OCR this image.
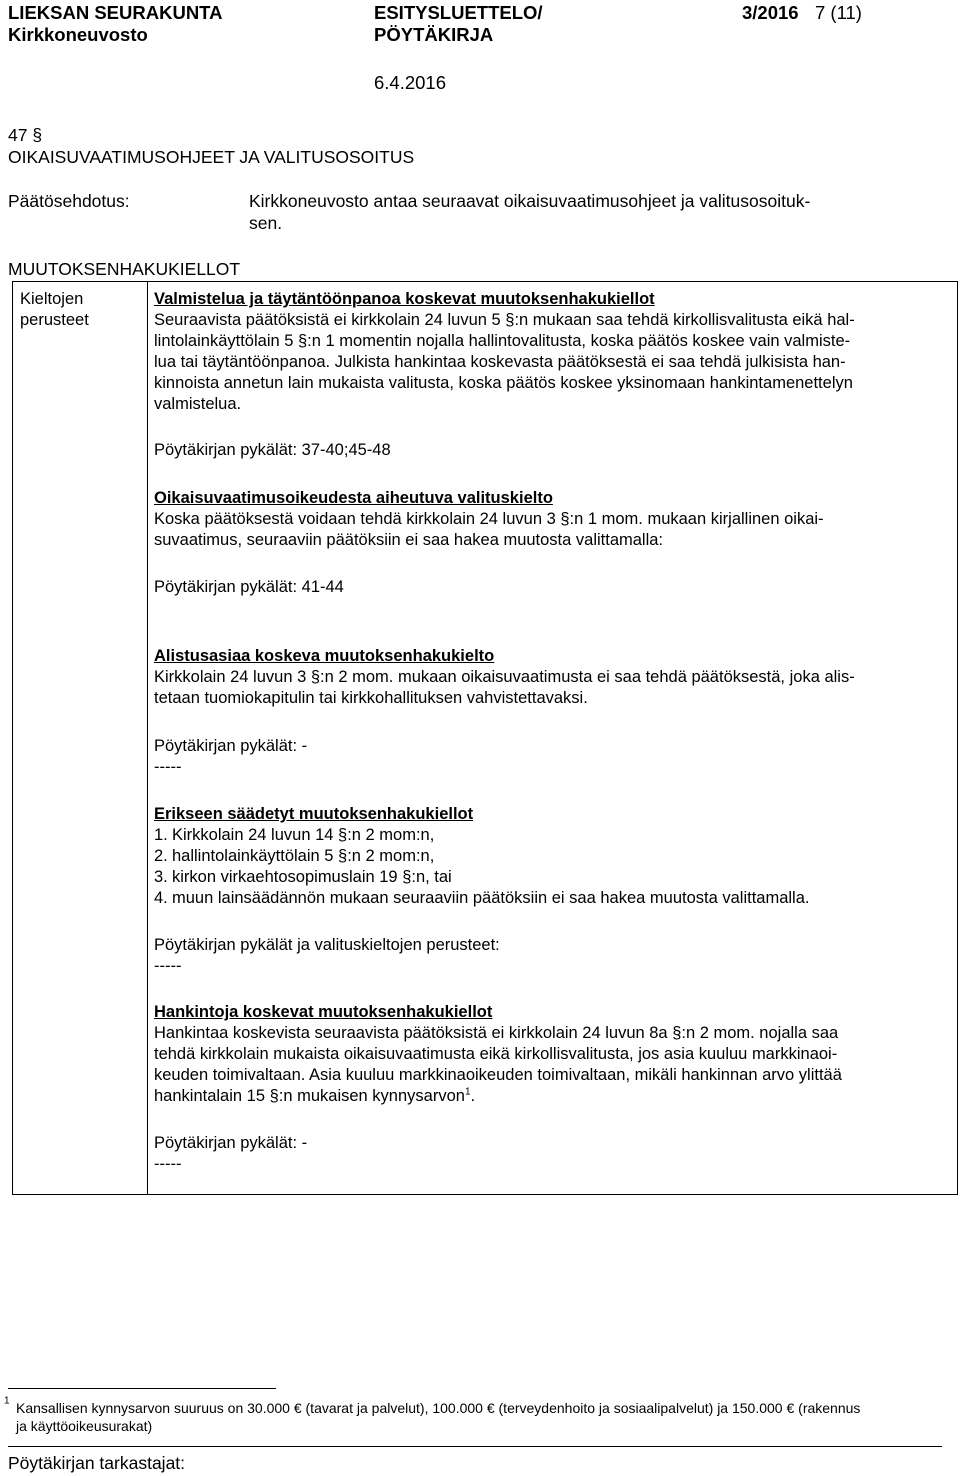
LIEKSAN SEURAKUNTA	ESITYSLUETTELO/	3/2016 7 (11)
Kirkkoneuvosto	PÖYTÄKIRJA
6.4.2016
47 §
OIKAISUVAATIMUSOHJEET JA VALITUSOSOITUS
Päätösehdotus:	Kirkkoneuvosto antaa seuraavat oikaisuvaatimusohjeet ja valitusosoituk-
sen.
MUUTOKSENHAKUKIELLOT
Kieltojen
perusteet

Valmistelua ja täytäntöönpanoa koskevat muutoksenhakukiellot

Seuraavista päätöksistä ei kirkkolain 24 luvun 5 §:n mukaan saa tehdä kirkollisvalitusta eikä hal-

lintolainkäyttölain 5 §:n 1 momentin nojalla hallintovalitusta, koska päätös koskee vain valmiste-

lua tai täytäntöönpanoa. Julkista hankintaa koskevasta päätöksestä ei saa tehdä julkisista han-

kinnoista annetun lain mukaista valitusta, koska päätös koskee yksinomaan hankintamenettelyn

valmistelua.

Pöytäkirjan pykälät: 37-40;45-48

Oikaisuvaatimusoikeudesta aiheutuva valituskielto

Koska päätöksestä voidaan tehdä kirkkolain 24 luvun 3 §:n 1 mom. mukaan kirjallinen oikai-

suvaatimus, seuraaviin päätöksiin ei saa hakea muutosta valittamalla:

Pöytäkirjan pykälät: 41-44

Alistusasiaa koskeva muutoksenhakukielto

Kirkkolain 24 luvun 3 §:n 2 mom. mukaan oikaisuvaatimusta ei saa tehdä päätöksestä, joka alis-

tetaan tuomiokapitulin tai kirkkohallituksen vahvistettavaksi.

Pöytäkirjan pykälät: -
-----

Erikseen säädetyt muutoksenhakukiellot

1. Kirkkolain 24 luvun 14 §:n 2 mom:n,
2. hallintolainkäyttölain 5 §:n 2 mom:n,
3. kirkon virkaehtosopimuslain 19 §:n, tai
4. muun lainsäädännön mukaan seuraaviin päätöksiin ei saa hakea muutosta valittamalla.
Pöytäkirjan pykälät ja valituskieltojen perusteet:
-----

Hankintoja koskevat muutoksenhakukiellot

Hankintaa koskevista seuraavista päätöksistä ei kirkkolain 24 luvun 8a §:n 2 mom. nojalla saa

tehdä kirkkolain mukaista oikaisuvaatimusta eikä kirkollisvalitusta, jos asia kuuluu markkinaoi-

keuden toimivaltaan. Asia kuuluu markkinaoikeuden toimivaltaan, mikäli hankinnan arvo ylittää

hankintalain 15 §:n mukaisen kynnysarvon$^1$.

Pöytäkirjan pykälät: -
-----
$^1$ Kansallisen kynnysarvon suuruus on 30.000 € (tavarat ja palvelut), 100.000 € (terveydenhoito ja sosiaalipalvelut) ja 150.000 € (rakennus
ja käyttöoikeusurakat)
Pöytäkirjan tarkastajat:
